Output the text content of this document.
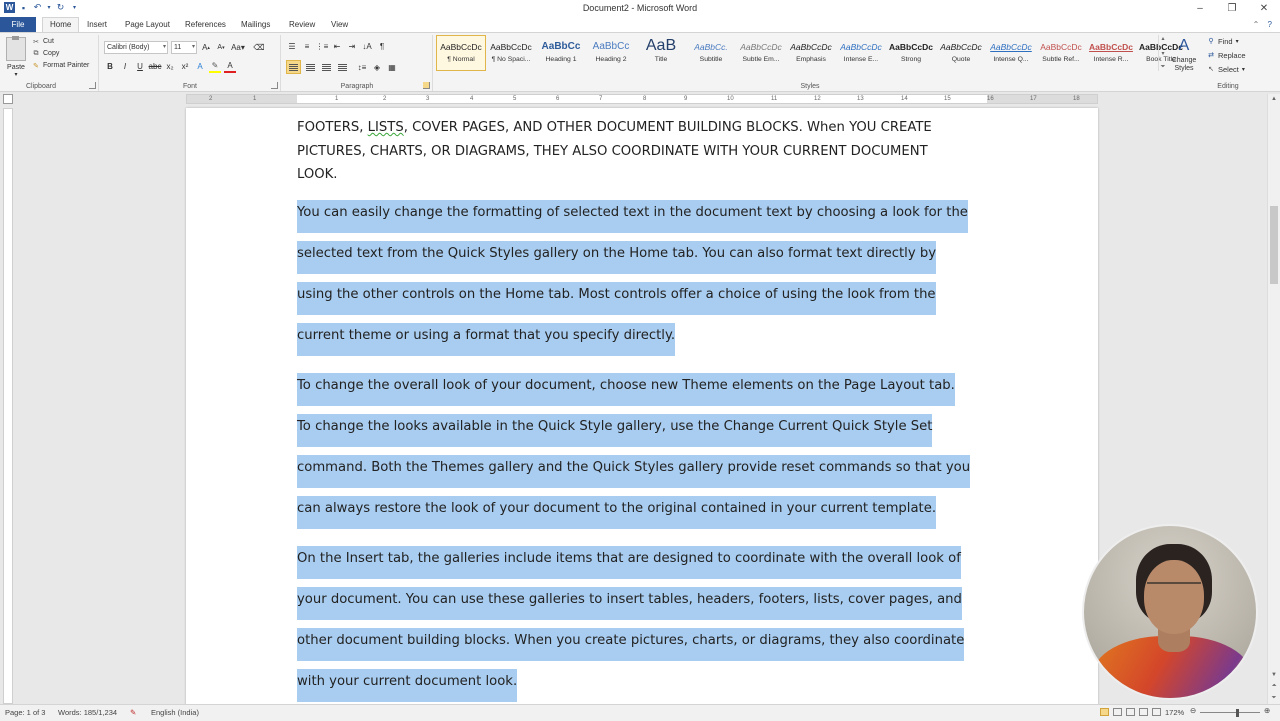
W ▪ ↶ ▾ ↻	▾	Document2 - Microsoft Word	–	❐	✕
File	Home	Insert	Page Layout	References	Mailings	Review	View	⌃ ?
Paste
▾
✂ Cut
⧉ Copy
✎ Format Painter
Clipboard
Calibri (Body) ▾	11 ▾	A ▴	A ▾ Aa▾ ⌫
B	I	U abc x₂	x²	A	✎	A
Font
☰	≡ ⋮≡ ⇤	⇥ ↓A	¶
↕≡ ◈	▦
Paragraph
AaBbCcDc
¶ Normal
AaBbCcDc
¶ No Spaci...
AaBbCc
Heading 1
AaBbCc
Heading 2
AaB
Title
AaBbCc.
Subtitle
AaBbCcDc
Subtle Em...
AaBbCcDc
Emphasis
AaBbCcDc
Intense E...
AaBbCcDc
Strong
AaBbCcDc
Quote
AaBbCcDc
Intense Q...
AaBbCcDc
Subtle Ref...
AaBbCcDc
Intense R...
AaBbCcDc
Book Title
▴
▾
⏷
A
Change Styles
Styles
⚲ Find ▾
⇄ Replace
↖ Select ▾
Editing
2	1	1	2	3	4	5	6	7	8	9	10	11	12	13	14	15	16	17	18
FOOTERS, LISTS, COVER PAGES, AND OTHER DOCUMENT BUILDING BLOCKS. When YOU CREATE
PICTURES, CHARTS, OR DIAGRAMS, THEY ALSO COORDINATE WITH YOUR CURRENT DOCUMENT
LOOK.
You can easily change the formatting of selected text in the document text by choosing a look for the
selected text from the Quick Styles gallery on the Home tab. You can also format text directly by
using the other controls on the Home tab. Most controls offer a choice of using the look from the
current theme or using a format that you specify directly.
To change the overall look of your document, choose new Theme elements on the Page Layout tab.
To change the looks available in the Quick Style gallery, use the Change Current Quick Style Set
command. Both the Themes gallery and the Quick Styles gallery provide reset commands so that you
can always restore the look of your document to the original contained in your current template.
On the Insert tab, the galleries include items that are designed to coordinate with the overall look of
your document. You can use these galleries to insert tables, headers, footers, lists, cover pages, and
other document building blocks. When you create pictures, charts, or diagrams, they also coordinate
with your current document look.
▲
▼
⏶
⏷
Page: 1 of 3 Words: 185/1,234 ✎ English (India)	172% ⊖	⊕
